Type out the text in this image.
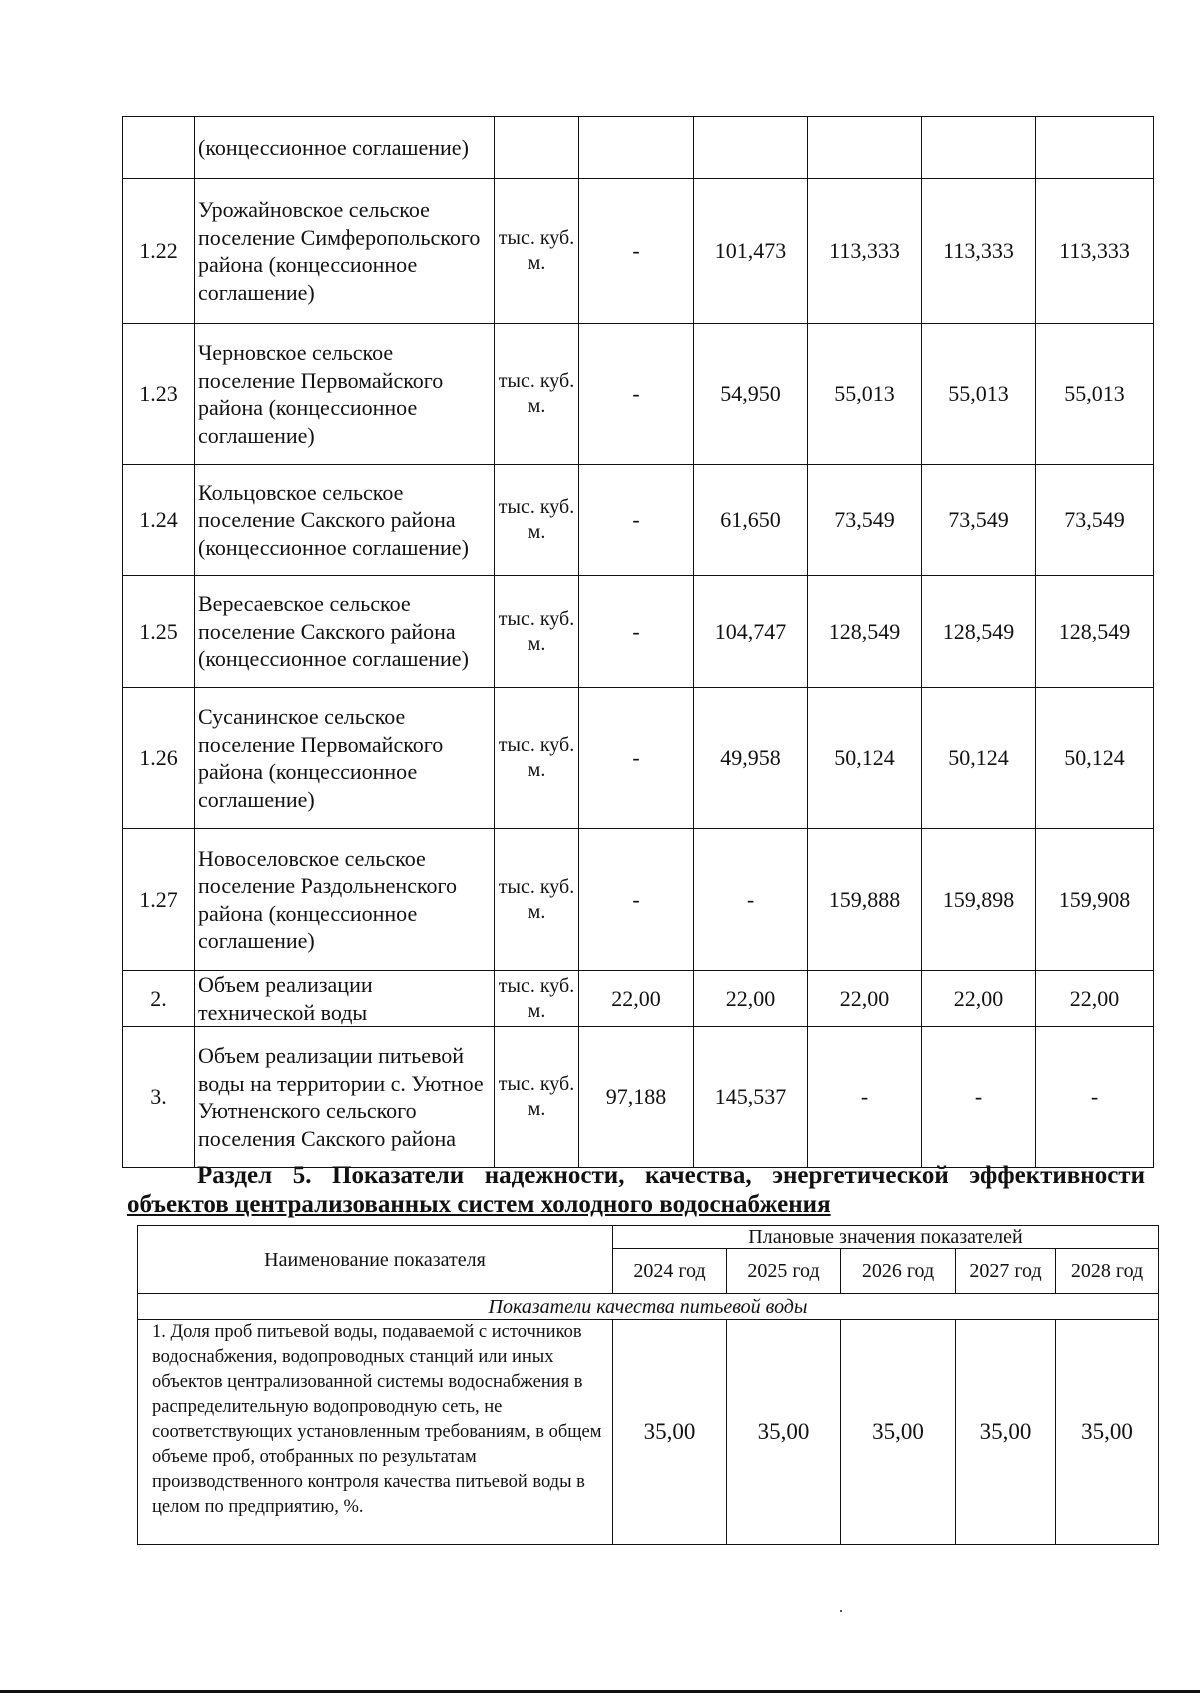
	(концессионное соглашение)						
1.22	Урожайновское сельское поселение Симферопольского района (концессионное соглашение)	тыс. куб. м.	-	101,473	113,333	113,333	113,333
1.23	Черновское сельское поселение Первомайского района (концессионное соглашение)	тыс. куб. м.	-	54,950	55,013	55,013	55,013
1.24	Кольцовское сельское поселение Сакского района (концессионное соглашение)	тыс. куб. м.	-	61,650	73,549	73,549	73,549
1.25	Вересаевское сельское поселение Сакского района (концессионное соглашение)	тыс. куб. м.	-	104,747	128,549	128,549	128,549
1.26	Сусанинское сельское поселение Первомайского района (концессионное соглашение)	тыс. куб. м.	-	49,958	50,124	50,124	50,124
1.27	Новоселовское сельское поселение Раздольненского района (концессионное соглашение)	тыс. куб. м.	-	-	159,888	159,898	159,908
2.	Объем реализации технической воды	тыс. куб. м.	22,00	22,00	22,00	22,00	22,00
3.	Объем реализации питьевой воды на территории с. Уютное Уютненского сельского поселения Сакского района	тыс. куб. м.	97,188	145,537	-	-	-
Раздел 5. Показатели надежности, качества, энергетической эффективности
объектов централизованных систем холодного водоснабжения
Наименование показателя	Плановые значения показателей				
	2024 год	2025 год	2026 год	2027 год	2028 год
Показатели качества питьевой воды					
1. Доля проб питьевой воды, подаваемой с источников водоснабжения, водопроводных станций или иных объектов централизованной системы водоснабжения в распределительную водопроводную сеть, не соответствующих установленным требованиям, в общем объеме проб, отобранных по результатам производственного контроля качества питьевой воды в целом по предприятию, %.	35,00	35,00	35,00	35,00	35,00
